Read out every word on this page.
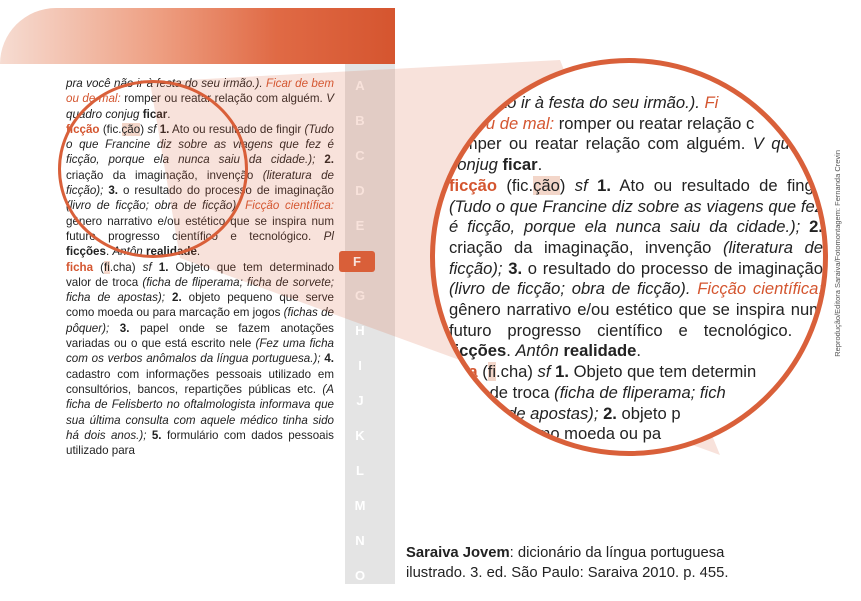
ficção – ficha
A
B
C
D
E
F
G
H
I
J
K
L
M
N
O

pra você não ir à festa do seu irmão.). Ficar de bem ou de mal: romper ou reatar relação com alguém. V quadro conjug ficar.

ficção (fic.ção) sf 1. Ato ou resultado de fingir (Tudo o que Francine diz sobre as viagens que fez é ficção, porque ela nunca saiu da cidade.); 2. criação da imaginação, invenção (literatura de ficção); 3. o resultado do processo de imaginação (livro de ficção; obra de ficção). Ficção científica: gênero narrativo e/ou estético que se inspira num futuro progresso científico e tecnológico. Pl ficções. Antôn realidade.

ficha (fi.cha) sf 1. Objeto que tem determinado valor de troca (ficha de fliperama; ficha de sorvete; ficha de apostas); 2. objeto pequeno que serve como moeda ou para marcação em jogos (fichas de pôquer); 3. papel onde se fazem anotações variadas ou o que está escrito nele (Fez uma ficha com os verbos anômalos da língua portuguesa.); 4. cadastro com informações pessoais utilizado em consultórios, bancos, repartições públicas etc. (A ficha de Felisberto no oftalmologista informava que sua última consulta com aquele médico tinha sido há dois anos.); 5. formulário com dados pessoais utilizado para

você não ir à festa do seu irmão.). Fi

em ou de mal: romper ou reatar relação c

romper ou reatar relação com alguém. V quadro conjug ficar.

ficção (fic.ção) sf 1. Ato ou resultado de fingir (Tudo o que Francine diz sobre as viagens que fez é ficção, porque ela nunca saiu da cidade.); 2. criação da imaginação, invenção (literatura de ficção); 3. o resultado do processo de imaginação (livro de ficção; obra de ficção). Ficção científica: gênero narrativo e/ou estético que se inspira num futuro progresso científico e tecnológico. Pl ficções. Antôn realidade.

cha (fi.cha) sf 1. Objeto que tem determin

valor de troca (ficha de fliperama; fich

e; ficha de apostas); 2. objeto p

como moeda ou pa

Reprodução/Editora Saraiva/Fotomontagem: Fernanda Crevin
Saraiva Jovem: dicionário da língua portuguesa
ilustrado. 3. ed. São Paulo: Saraiva 2010. p. 455.
